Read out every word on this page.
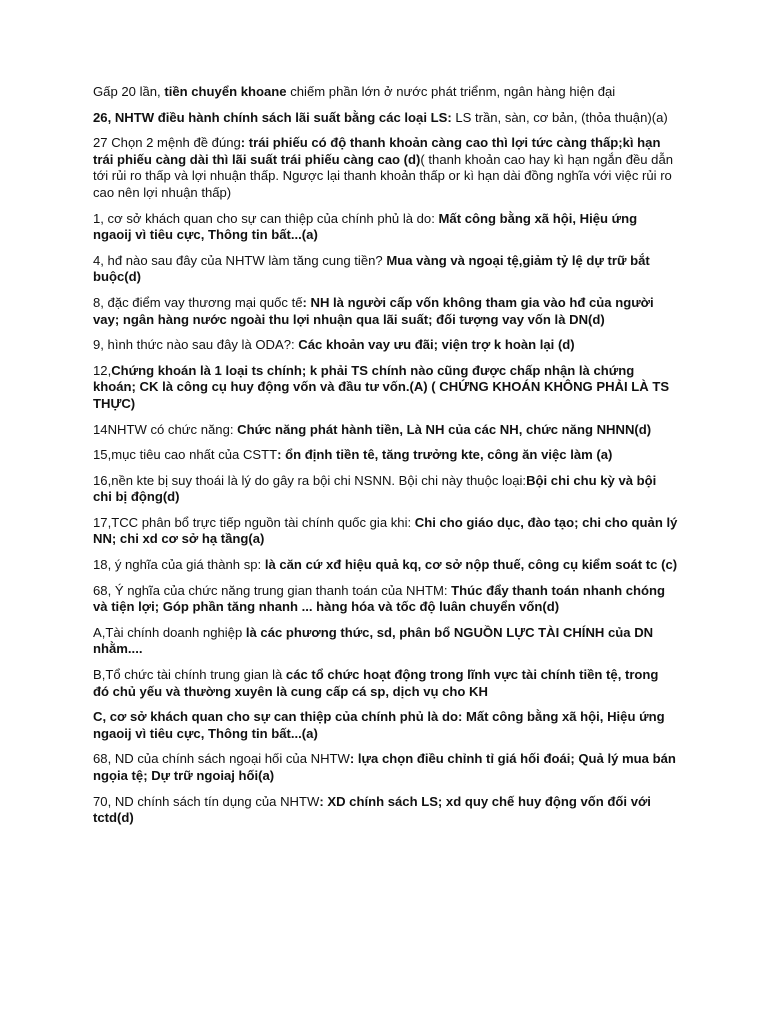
Gấp 20 lần, tiền chuyển khoane chiếm phần lớn ở nước phát triểnm, ngân hàng hiện đại

26, NHTW điều hành chính sách lãi suất bằng các loại LS: LS trần, sàn, cơ bản, (thỏa thuận)(a)

27 Chọn 2 mệnh đề đúng: trái phiếu có độ thanh khoản càng cao thì lợi tức càng thấp;kì hạn trái phiếu càng dài thì lãi suất trái phiếu càng cao (d)( thanh khoản cao hay kì hạn ngắn đều dẫn tới rủi ro thấp và lợi nhuận thấp. Ngược lại thanh khoản thấp or kì hạn dài đồng nghĩa với việc rủi ro cao nên lợi nhuận thấp)

1, cơ sở khách quan cho sự can thiệp của chính phủ là do: Mất công bằng xã hội, Hiệu ứng ngaoij vì tiêu cực, Thông tin bất...(a)

4, hđ nào sau đây của NHTW làm tăng cung tiền? Mua vàng và ngoại tệ,giảm tỷ lệ dự trữ bắt buộc(d)

8, đặc điểm vay thương mại quốc tế: NH là người cấp vốn không tham gia vào hđ của người vay; ngân hàng nước ngoài thu lợi nhuận qua lãi suất; đối tượng vay vốn là DN(d)

9, hình thức nào sau đây là ODA?: Các khoản vay ưu đãi; viện trợ k hoàn lại (d)

12,Chứng khoán là 1 loại ts chính; k phải TS chính nào cũng được chấp nhận là chứng khoán; CK là công cụ huy động vốn và đầu tư vốn.(A) ( CHỨNG KHOÁN KHÔNG PHẢI LÀ TS THỰC)

14NHTW có chức năng: Chức năng phát hành tiền, Là NH của các NH, chức năng NHNN(d)

15,mục tiêu cao nhất của CSTT: ổn định tiền tê, tăng trưởng kte, công ăn việc làm (a)

16,nền kte bị suy thoái là lý do gây ra bội chi NSNN. Bội chi này thuộc loại:Bội chi chu kỳ và bội chi bị động(d)

17,TCC phân bổ trực tiếp nguồn tài chính quốc gia khi: Chi cho giáo dục, đào tạo; chi cho quản lý NN; chi xd cơ sở hạ tầng(a)

18, ý nghĩa của giá thành sp: là căn cứ xđ hiệu quả kq, cơ sở nộp thuế, công cụ kiểm soát tc (c)

68, Ý nghĩa của chức năng trung gian thanh toán của NHTM: Thúc đẩy thanh toán nhanh chóng và tiện lợi; Góp phần tăng nhanh ... hàng hóa và tốc độ luân chuyển vốn(d)

A,Tài chính doanh nghiệp là các phương thức, sd, phân bổ NGUỒN LỰC TÀI CHÍNH của DN nhằm....

B,Tổ chức tài chính trung gian là các tổ chức hoạt động trong lĩnh vực tài chính tiền tệ, trong đó chủ yếu và thường xuyên là cung cấp cá sp, dịch vụ cho KH

C, cơ sở khách quan cho sự can thiệp của chính phủ là do: Mất công bằng xã hội, Hiệu ứng ngaoij vì tiêu cực, Thông tin bất...(a)

68, ND của chính sách ngoại hối của NHTW: lựa chọn điều chỉnh tỉ giá hối đoái; Quả lý mua bán ngọia tệ; Dự trữ ngoiaj hối(a)

70, ND chính sách tín dụng của NHTW: XD chính sách LS; xd quy chế huy động vốn đối với tctd(d)
